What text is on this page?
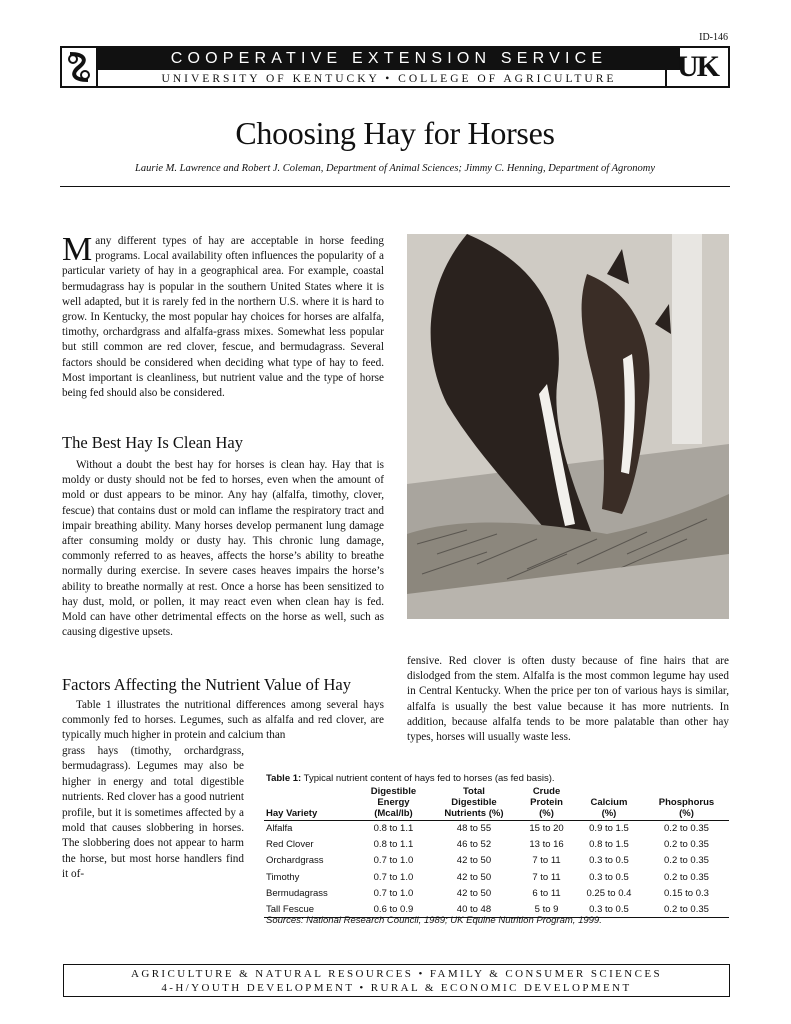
ID-146
COOPERATIVE EXTENSION SERVICE
UNIVERSITY OF KENTUCKY • COLLEGE OF AGRICULTURE	UK
Choosing Hay for Horses
Laurie M. Lawrence and Robert J. Coleman, Department of Animal Sciences; Jimmy C. Henning, Department of Agronomy

Many different types of hay are acceptable in horse feeding programs. Local availability often influences the popularity of a particular variety of hay in a geographical area. For example, coastal bermudagrass hay is popular in the southern United States where it is well adapted, but it is rarely fed in the northern U.S. where it is hard to grow. In Kentucky, the most popular hay choices for horses are alfalfa, timothy, orchardgrass and alfalfa-grass mixes. Somewhat less popular but still common are red clover, fescue, and bermudagrass. Several factors should be considered when deciding what type of hay to feed. Most important is cleanliness, but nutrient value and the type of horse being fed should also be considered.

The Best Hay Is Clean Hay

Without a doubt the best hay for horses is clean hay. Hay that is moldy or dusty should not be fed to horses, even when the amount of mold or dust appears to be minor. Any hay (alfalfa, timothy, clover, fescue) that contains dust or mold can inflame the respiratory tract and impair breathing ability. Many horses develop permanent lung damage after consuming moldy or dusty hay. This chronic lung damage, commonly referred to as heaves, affects the horse’s ability to breathe normally during exercise. In severe cases heaves impairs the horse’s ability to breathe normally at rest. Once a horse has been sensitized to hay dust, mold, or pollen, it may react even when clean hay is fed. Mold can have other detrimental effects on the horse as well, such as causing digestive upsets.

Factors Affecting the Nutrient Value of Hay

Table 1 illustrates the nutritional differences among several hays commonly fed to horses. Legumes, such as alfalfa and red clover, are typically much higher in protein and calcium than

grass hays (timothy, orchardgrass, bermudagrass). Legumes may also be higher in energy and total digestible nutrients. Red clover has a good nutrient profile, but it is sometimes affected by a mold that causes slobbering in horses. The slobbering does not appear to harm the horse, but most horse handlers find it of-

fensive. Red clover is often dusty because of fine hairs that are dislodged from the stem. Alfalfa is the most common legume hay used in Central Kentucky. When the price per ton of various hays is similar, alfalfa is usually the best value because it has more nutrients. In addition, because alfalfa tends to be more palatable than other hay types, horses will usually waste less.

Table 1: Typical nutrient content of hays fed to horses (as fed basis).
Hay Variety	Digestible
Energy
(Mcal/lb)	Total
Digestible
Nutrients (%)	Crude
Protein
(%)	Calcium
(%)	Phosphorus
(%)
Alfalfa	0.8 to 1.1	48 to 55	15 to 20	0.9 to 1.5	0.2 to 0.35
Red Clover	0.8 to 1.1	46 to 52	13 to 16	0.8 to 1.5	0.2 to 0.35
Orchardgrass	0.7 to 1.0	42 to 50	7 to 11	0.3 to 0.5	0.2 to 0.35
Timothy	0.7 to 1.0	42 to 50	7 to 11	0.3 to 0.5	0.2 to 0.35
Bermudagrass	0.7 to 1.0	42 to 50	6 to 11	0.25 to 0.4	0.15 to 0.3
Tall Fescue	0.6 to 0.9	40 to 48	5 to 9	0.3 to 0.5	0.2 to 0.35
Sources: National Research Council, 1989; UK Equine Nutrition Program, 1999.
AGRICULTURE & NATURAL RESOURCES • FAMILY & CONSUMER SCIENCES
4-H/YOUTH DEVELOPMENT • RURAL & ECONOMIC DEVELOPMENT
